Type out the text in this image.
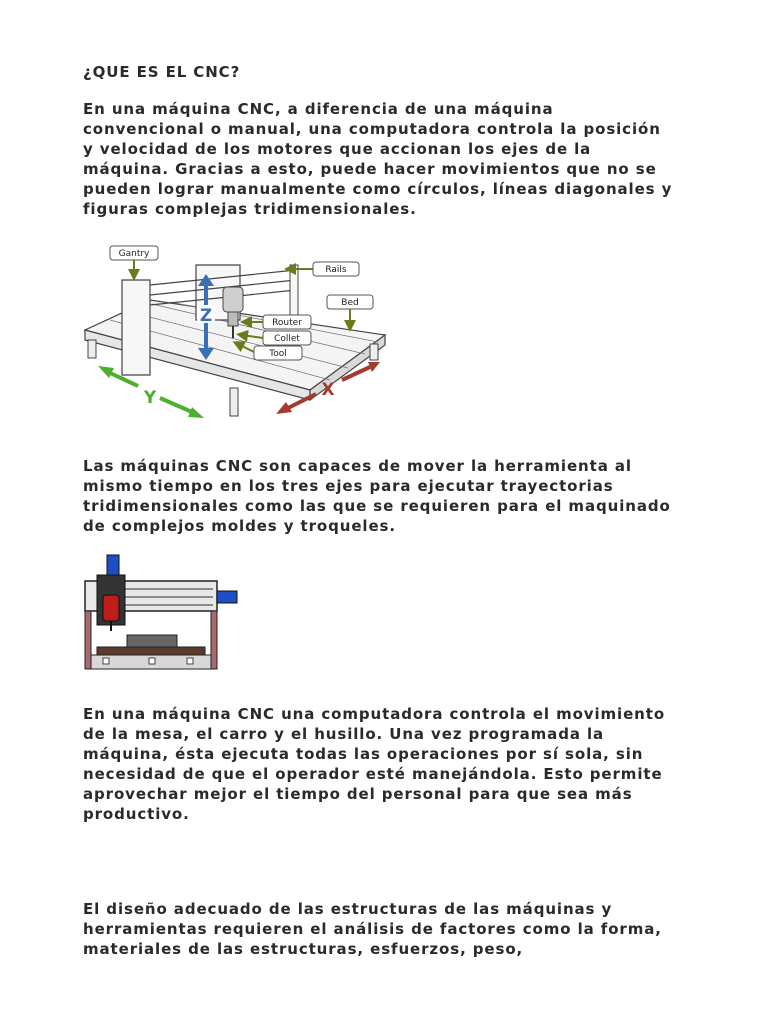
¿QUE ES EL CNC?

En una máquina CNC, a diferencia de una máquina
convencional o manual, una computadora controla la posición
y velocidad de los motores que accionan los ejes de la
máquina. Gracias a esto, puede hacer movimientos que no se
pueden lograr manualmente como círculos, líneas diagonales y
figuras complejas tridimensionales.

Z
Y	X
Gantry
Rails
Bed
Router
Collet
Tool

Las máquinas CNC son capaces de mover la herramienta al
mismo tiempo en los tres ejes para ejecutar trayectorias
tridimensionales como las que se requieren para el maquinado
de complejos moldes y troqueles.

En una máquina CNC una computadora controla el movimiento
de la mesa, el carro y el husillo. Una vez programada la
máquina, ésta ejecuta todas las operaciones por sí sola, sin
necesidad de que el operador esté manejándola. Esto permite
aprovechar mejor el tiempo del personal para que sea más
productivo.

El diseño adecuado de las estructuras de las máquinas y
herramientas requieren el análisis de factores como la forma,
materiales de las estructuras, esfuerzos, peso,
